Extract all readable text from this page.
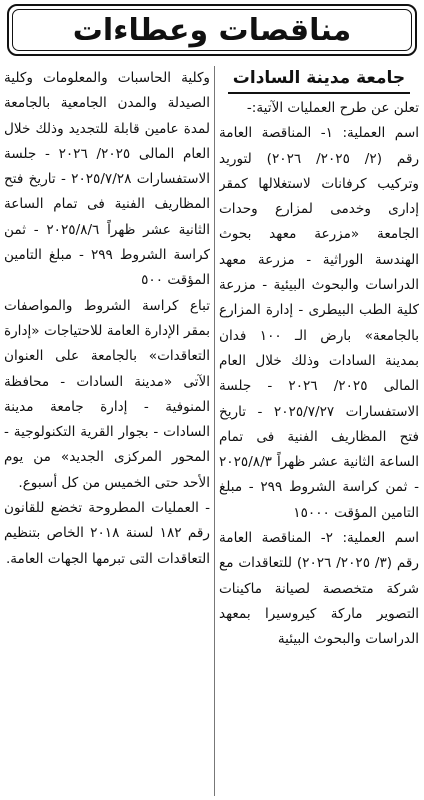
مناقصات وعطاءات
جامعة مدينة السادات

تعلن عن طرح العمليات الآتية:-

اسم العملية: ١- المناقصة العامة رقم (٢/ ٢٠٢٥/ ٢٠٢٦) لتوريد وتركيب كرفانات لاستغلالها كمقر إدارى وخدمى لمزارع وحدات الجامعة «مزرعة معهد بحوث الهندسة الوراثية - مزرعة معهد الدراسات والبحوث البيئية - مزرعة كلية الطب البيطرى - إدارة المزارع بالجامعة» بارض الـ ١٠٠ فدان بمدينة السادات وذلك خلال العام المالى ٢٠٢٥/ ٢٠٢٦ - جلسة الاستفسارات ٢٠٢٥/٧/٢٧ - تاريخ فتح المظاريف الفنية فى تمام الساعة الثانية عشر ظهراً ٢٠٢٥/٨/٣ - ثمن كراسة الشروط ٢٩٩ - مبلغ التامين المؤقت ١٥٠٠٠

اسم العملية: ٢- المناقصة العامة رقم (٣/ ٢٠٢٥/ ٢٠٢٦) للتعاقدات مع شركة متخصصة لصيانة ماكينات التصوير ماركة كيروسيرا بمعهد الدراسات والبحوث البيئية

وكلية الحاسبات والمعلومات وكلية الصيدلة والمدن الجامعية بالجامعة لمدة عامين قابلة للتجديد وذلك خلال العام المالى ٢٠٢٥/ ٢٠٢٦ - جلسة الاستفسارات ٢٠٢٥/٧/٢٨ - تاريخ فتح المظاريف الفنية فى تمام الساعة الثانية عشر ظهراً ٢٠٢٥/٨/٦ - ثمن كراسة الشروط ٢٩٩ - مبلغ التامين المؤقت ٥٠٠

تباع كراسة الشروط والمواصفات بمقر الإدارة العامة للاحتياجات «إدارة التعاقدات» بالجامعة على العنوان الآتى «مدينة السادات - محافظة المنوفية - إدارة جامعة مدينة السادات - بجوار القرية التكنولوجية - المحور المركزى الجديد» من يوم الأحد حتى الخميس من كل أسبوع.

- العمليات المطروحة تخضع للقانون رقم ١٨٢ لسنة ٢٠١٨ الخاص بتنظيم التعاقدات التى تبرمها الجهات العامة.
